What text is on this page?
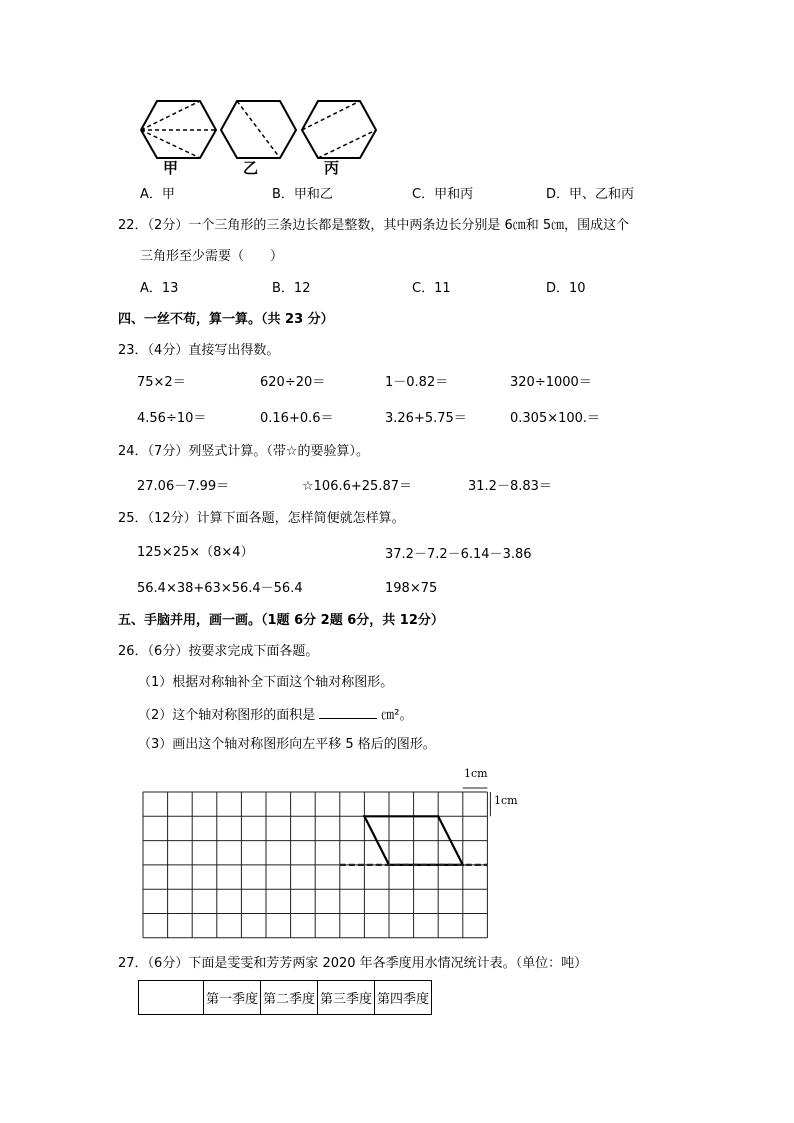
甲	乙	丙
A．甲	B．甲和乙	C．甲和丙	D．甲、乙和丙
22．（2分）一个三角形的三条边长都是整数，其中两条边长分别是 6㎝和 5㎝，围成这个
三角形至少需要（　　）
A．13	B．12	C．11	D．10
四、一丝不苟，算一算。（共 23 分）
23．（4分）直接写出得数。
75×2＝	620÷20＝	1－0.82＝	320÷1000＝
4.56÷10＝	0.16+0.6＝	3.26+5.75＝	0.305×100.＝
24．（7分）列竖式计算。（带☆的要验算）。
27.06－7.99＝	☆106.6+25.87＝	31.2－8.83＝
25．（12分）计算下面各题，怎样简便就怎样算。
125×25×（8×4）	37.2－7.2－6.14－3.86
56.4×38+63×56.4－56.4	198×75
五、手脑并用，画一画。（1题 6分 2题 6分，共 12分）
26．（6分）按要求完成下面各题。
（1）根据对称轴补全下面这个轴对称图形。
（2）这个轴对称图形的面积是	㎝²。
（3）画出这个轴对称图形向左平移 5 格后的图形。
1cm
1cm
27．（6分）下面是雯雯和芳芳两家 2020 年各季度用水情况统计表。（单位：吨）
	第一季度	第二季度	第三季度	第四季度
